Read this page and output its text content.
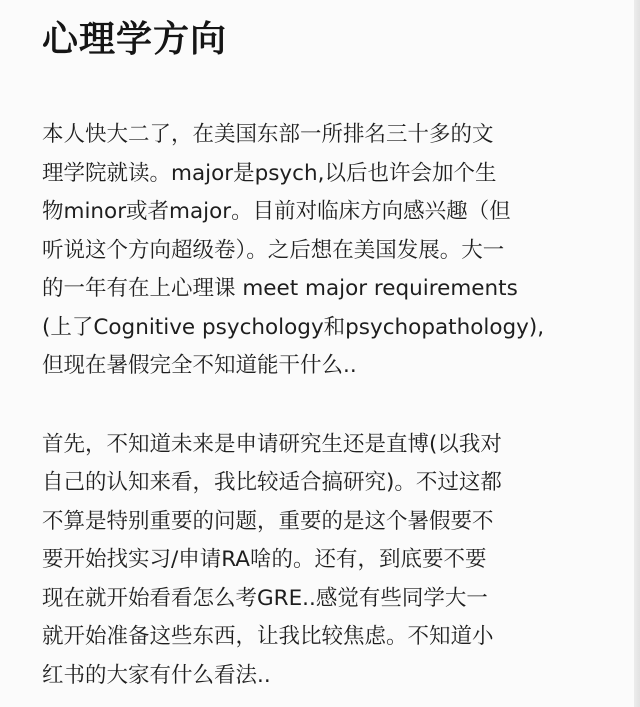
心理学方向
本人快大二了，在美国东部一所排名三十多的文
理学院就读。major是psych,以后也许会加个生
物minor或者major。目前对临床方向感兴趣（但
听说这个方向超级卷）。之后想在美国发展。大一
的一年有在上心理课 meet major requirements
(上了Cognitive psychology和psychopathology),
但现在暑假完全不知道能干什么..
首先，不知道未来是申请研究生还是直博(以我对
自己的认知来看，我比较适合搞研究)。不过这都
不算是特别重要的问题，重要的是这个暑假要不
要开始找实习/申请RA啥的。还有，到底要不要
现在就开始看看怎么考GRE..感觉有些同学大一
就开始准备这些东西，让我比较焦虑。不知道小
红书的大家有什么看法..
